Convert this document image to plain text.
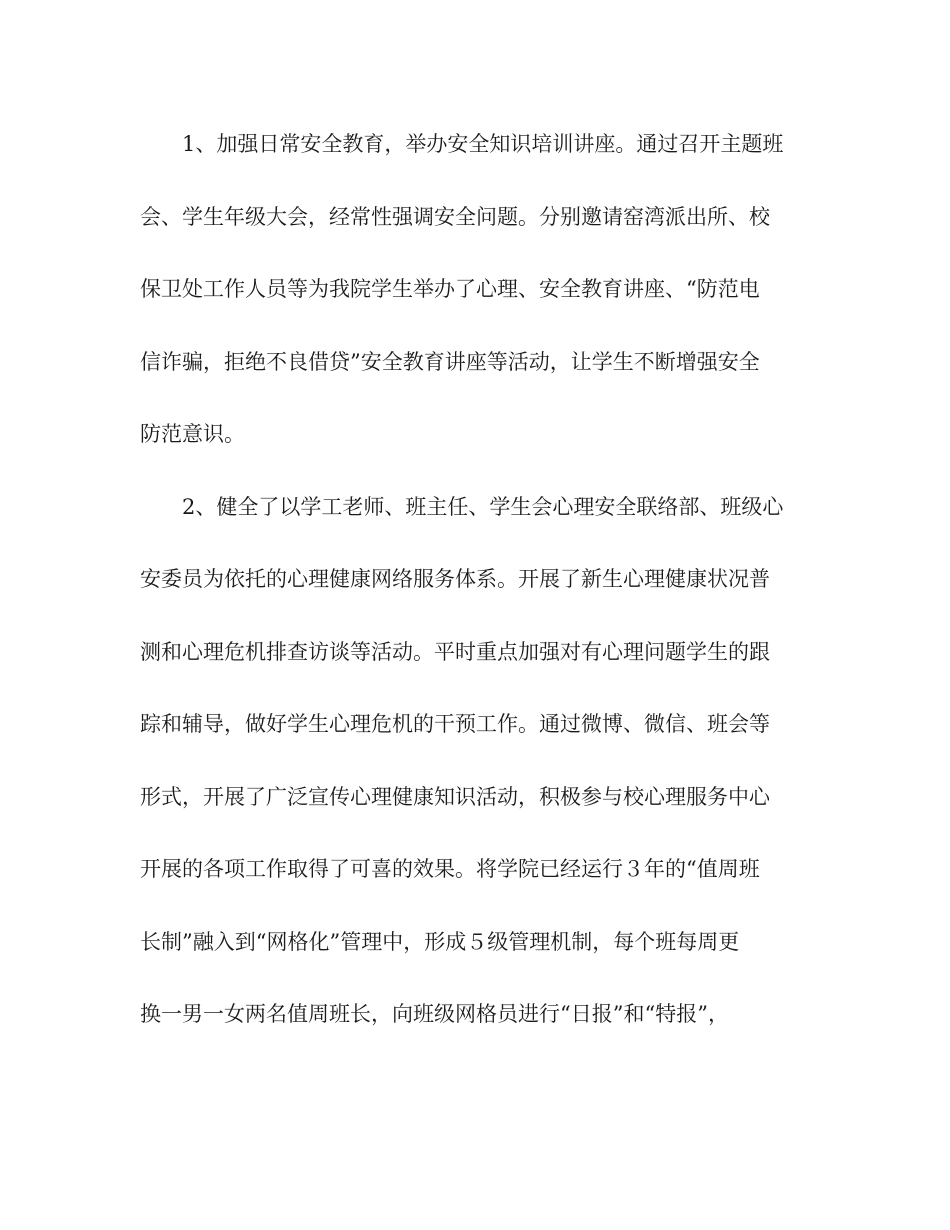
1、加强日常安全教育，举办安全知识培训讲座。通过召开主题班
会、学生年级大会，经常性强调安全问题。分别邀请窑湾派出所、校
保卫处工作人员等为我院学生举办了心理、安全教育讲座、“防范电
信诈骗，拒绝不良借贷”安全教育讲座等活动，让学生不断增强安全
防范意识。
2、健全了以学工老师、班主任、学生会心理安全联络部、班级心
安委员为依托的心理健康网络服务体系。开展了新生心理健康状况普
测和心理危机排查访谈等活动。平时重点加强对有心理问题学生的跟
踪和辅导，做好学生心理危机的干预工作。通过微博、微信、班会等
形式，开展了广泛宣传心理健康知识活动，积极参与校心理服务中心
开展的各项工作取得了可喜的效果。将学院已经运行３年的“值周班
长制”融入到“网格化”管理中，形成５级管理机制，每个班每周更
换一男一女两名值周班长，向班级网格员进行“日报”和“特报”，
